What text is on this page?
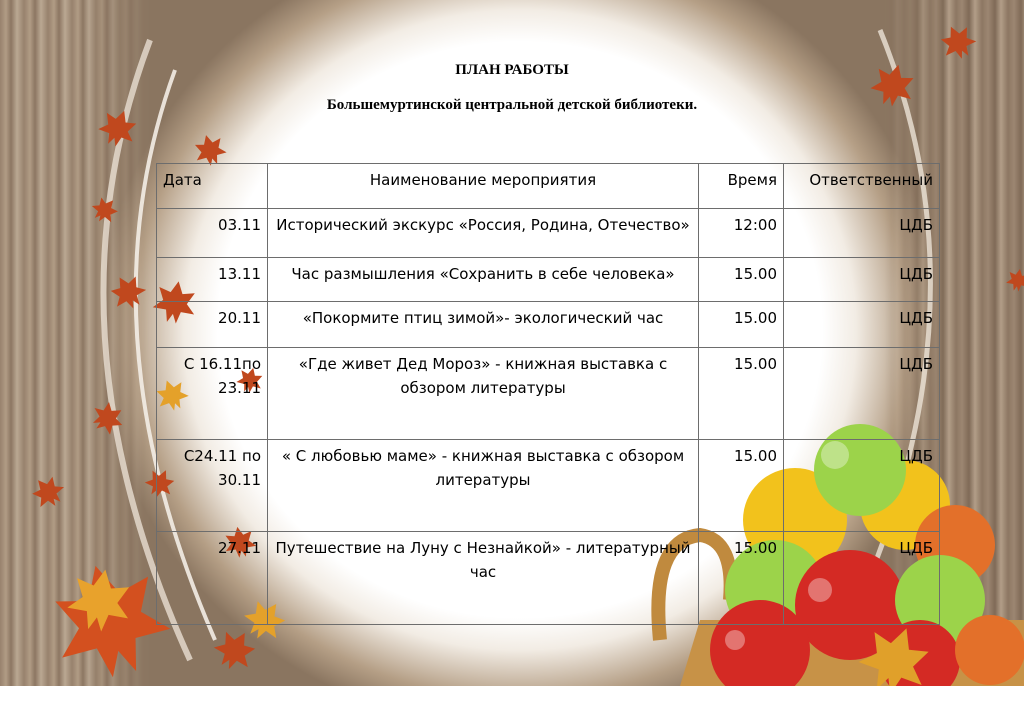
ПЛАН РАБОТЫ
Большемуртинской центральной детской библиотеки.
Дата	Наименование мероприятия	Время	Ответственный
03.11	Исторический экскурс «Россия, Родина, Отечество»	12:00	ЦДБ
13.11	Час размышления «Сохранить в себе человека»	15.00	ЦДБ
20.11	«Покормите птиц зимой»- экологический час	15.00	ЦДБ
С 16.11по 23.11	«Где живет Дед Мороз» - книжная выставка с обзором литературы	15.00	ЦДБ
С24.11 по 30.11	« С любовью маме» - книжная выставка с обзором литературы	15.00	ЦДБ
27.11	Путешествие на Луну с Незнайкой» - литературный час	15.00	ЦДБ
